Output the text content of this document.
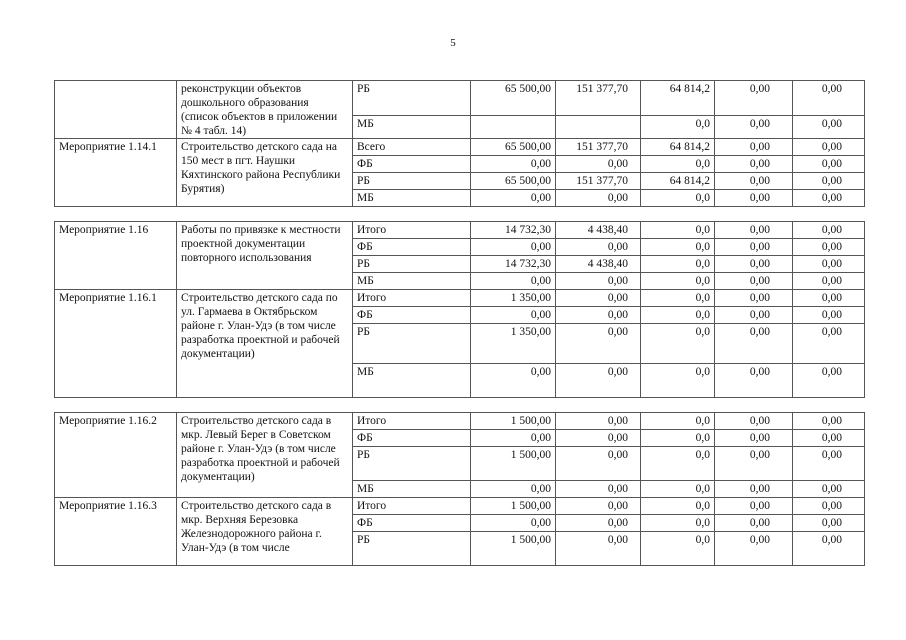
5
	реконструкции объектов дошкольного образования (список объектов в приложении № 4 табл. 14)	РБ	65 500,00	151 377,70	64 814,2	0,00	0,00
		МБ			0,0	0,00	0,00
Мероприятие 1.14.1	Строительство детского сада на 150 мест в пгт. Наушки Кяхтинского района Республики Бурятия)	Всего	65 500,00	151 377,70	64 814,2	0,00	0,00
		ФБ	0,00	0,00	0,0	0,00	0,00
		РБ	65 500,00	151 377,70	64 814,2	0,00	0,00
		МБ	0,00	0,00	0,0	0,00	0,00

Мероприятие 1.16	Работы по привязке к местности проектной документации повторного использования	Итого	14 732,30	4 438,40	0,0	0,00	0,00
		ФБ	0,00	0,00	0,0	0,00	0,00
		РБ	14 732,30	4 438,40	0,0	0,00	0,00
		МБ	0,00	0,00	0,0	0,00	0,00
Мероприятие 1.16.1	Строительство детского сада по ул. Гармаева в Октябрьском районе г. Улан-Удэ (в том числе разработка проектной и рабочей документации)	Итого	1 350,00	0,00	0,0	0,00	0,00
		ФБ	0,00	0,00	0,0	0,00	0,00
		РБ	1 350,00	0,00	0,0	0,00	0,00
		МБ	0,00	0,00	0,0	0,00	0,00

Мероприятие 1.16.2	Строительство детского сада в мкр. Левый Берег в Советском районе г. Улан-Удэ (в том числе разработка проектной и рабочей документации)	Итого	1 500,00	0,00	0,0	0,00	0,00
		ФБ	0,00	0,00	0,0	0,00	0,00
		РБ	1 500,00	0,00	0,0	0,00	0,00
		МБ	0,00	0,00	0,0	0,00	0,00
Мероприятие 1.16.3	Строительство детского сада в мкр. Верхняя Березовка Железнодорожного района г. Улан-Удэ (в том числе	Итого	1 500,00	0,00	0,0	0,00	0,00
		ФБ	0,00	0,00	0,0	0,00	0,00
		РБ	1 500,00	0,00	0,0	0,00	0,00
